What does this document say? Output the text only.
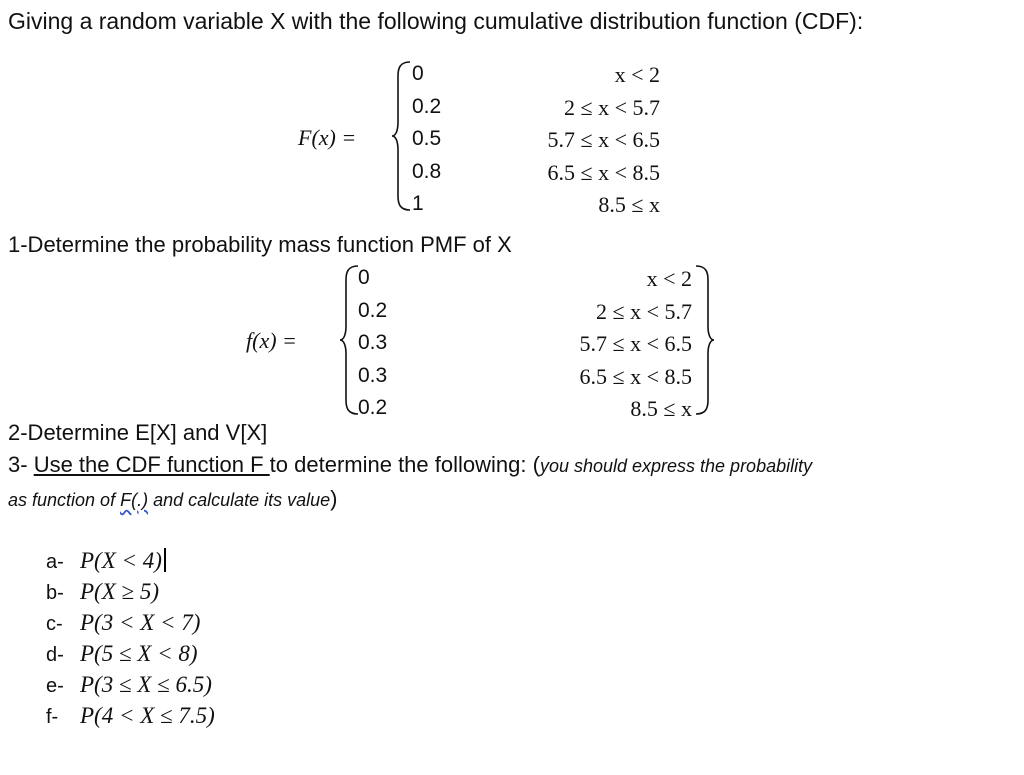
Giving a random variable X with the following cumulative distribution function (CDF):
F(x) =
0	x < 2
0.2	2 ≤ x < 5.7
0.5	5.7 ≤ x < 6.5
0.8	6.5 ≤ x < 8.5
1	8.5 ≤ x
1-Determine the probability mass function PMF of X
f(x) =
0	x < 2
0.2	2 ≤ x < 5.7
0.3	5.7 ≤ x < 6.5
0.3	6.5 ≤ x < 8.5
0.2	8.5 ≤ x
2-Determine E[X] and V[X]
3- Use the CDF function F to determine the following: (you should express the probability
as function of F(.) and calculate its value)
a- P(X < 4)
b- P(X ≥ 5)
c- P(3 < X < 7)
d- P(5 ≤ X < 8)
e- P(3 ≤ X ≤ 6.5)
f- P(4 < X ≤ 7.5)
